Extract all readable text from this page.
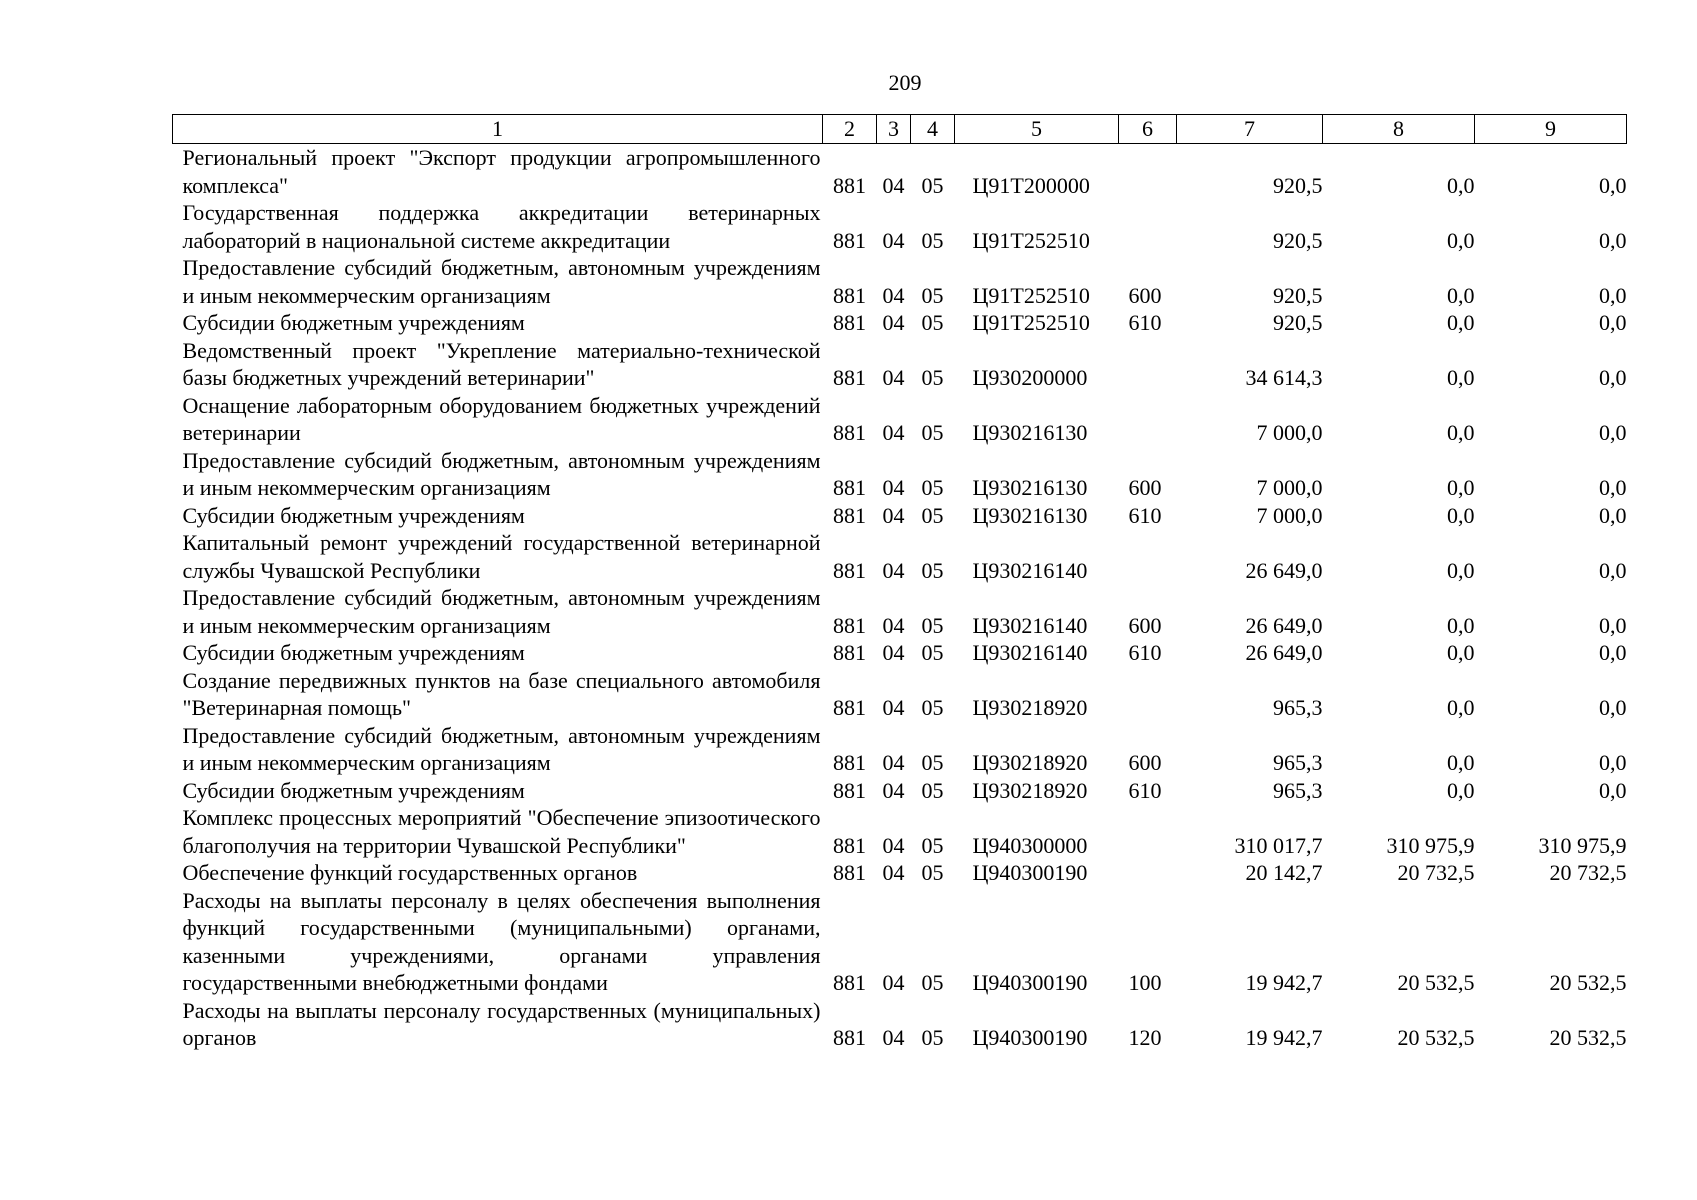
209
1	2	3	4	5	6	7	8	9
Региональный проект "Экспорт продукции агропромышленного комплекса"	881	04	05	Ц91Т200000		920,5	0,0	0,0
Государственная поддержка аккредитации ветеринарных лабораторий в национальной системе аккредитации	881	04	05	Ц91Т252510		920,5	0,0	0,0
Предоставление субсидий бюджетным, автономным учреждениям и иным некоммерческим организациям	881	04	05	Ц91Т252510	600	920,5	0,0	0,0
Субсидии бюджетным учреждениям	881	04	05	Ц91Т252510	610	920,5	0,0	0,0
Ведомственный проект "Укрепление материально-технической базы бюджетных учреждений ветеринарии"	881	04	05	Ц930200000		34 614,3	0,0	0,0
Оснащение лабораторным оборудованием бюджетных учреждений ветеринарии	881	04	05	Ц930216130		7 000,0	0,0	0,0
Предоставление субсидий бюджетным, автономным учреждениям и иным некоммерческим организациям	881	04	05	Ц930216130	600	7 000,0	0,0	0,0
Субсидии бюджетным учреждениям	881	04	05	Ц930216130	610	7 000,0	0,0	0,0
Капитальный ремонт учреждений государственной ветеринарной службы Чувашской Республики	881	04	05	Ц930216140		26 649,0	0,0	0,0
Предоставление субсидий бюджетным, автономным учреждениям и иным некоммерческим организациям	881	04	05	Ц930216140	600	26 649,0	0,0	0,0
Субсидии бюджетным учреждениям	881	04	05	Ц930216140	610	26 649,0	0,0	0,0
Создание передвижных пунктов на базе специального автомобиля "Ветеринарная помощь"	881	04	05	Ц930218920		965,3	0,0	0,0
Предоставление субсидий бюджетным, автономным учреждениям и иным некоммерческим организациям	881	04	05	Ц930218920	600	965,3	0,0	0,0
Субсидии бюджетным учреждениям	881	04	05	Ц930218920	610	965,3	0,0	0,0
Комплекс процессных мероприятий "Обеспечение эпизоотического благополучия на территории Чувашской Республики"	881	04	05	Ц940300000		310 017,7	310 975,9	310 975,9
Обеспечение функций государственных органов	881	04	05	Ц940300190		20 142,7	20 732,5	20 732,5
Расходы на выплаты персоналу в целях обеспечения выполнения функций государственными (муниципальными) органами, казенными учреждениями, органами управления государственными внебюджетными фондами	881	04	05	Ц940300190	100	19 942,7	20 532,5	20 532,5
Расходы на выплаты персоналу государственных (муниципальных) органов	881	04	05	Ц940300190	120	19 942,7	20 532,5	20 532,5
